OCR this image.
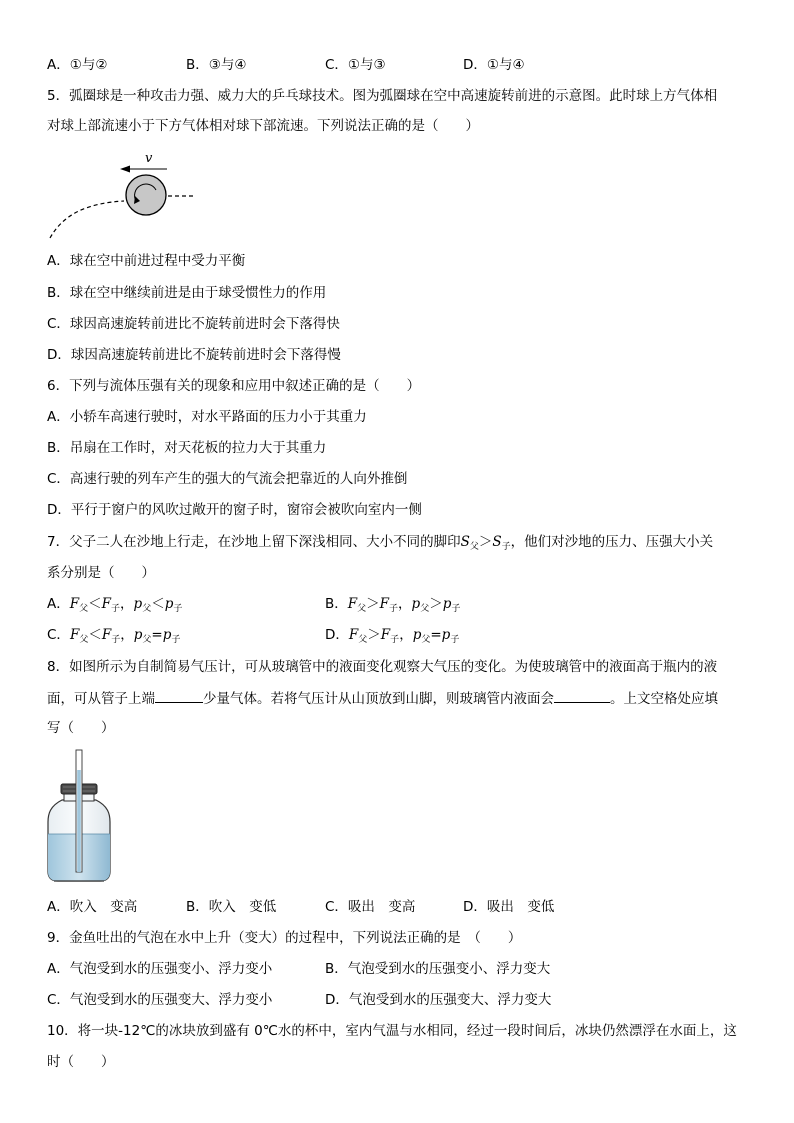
A．①与②	B．③与④	C．①与③	D．①与④
5．弧圈球是一种攻击力强、威力大的乒乓球技术。图为弧圈球在空中高速旋转前进的示意图。此时球上方气体相
对球上部流速小于下方气体相对球下部流速。下列说法正确的是（　　）
v
A．球在空中前进过程中受力平衡
B．球在空中继续前进是由于球受惯性力的作用
C．球因高速旋转前进比不旋转前进时会下落得快
D．球因高速旋转前进比不旋转前进时会下落得慢
6．下列与流体压强有关的现象和应用中叙述正确的是（　　）
A．小轿车高速行驶时，对水平路面的压力小于其重力
B．吊扇在工作时，对天花板的拉力大于其重力
C．高速行驶的列车产生的强大的气流会把靠近的人向外推倒
D．平行于窗户的风吹过敞开的窗子时，窗帘会被吹向室内一侧
7．父子二人在沙地上行走，在沙地上留下深浅相同、大小不同的脚印$S_父>S_子$，他们对沙地的压力、压强大小关
系分别是（　　）
A．$F_父<F_子$，$p_父<p_子$	B．$F_父>F_子$，$p_父>p_子$
C．$F_父<F_子$，$p_父=p_子$	D．$F_父>F_子$，$p_父=p_子$
8．如图所示为自制简易气压计，可从玻璃管中的液面变化观察大气压的变化。为使玻璃管中的液面高于瓶内的液
面，可从管子上端	少量气体。若将气压计从山顶放到山脚，则玻璃管内液面会	。上文空格处应填
写（　　）
A．吹入　变高	B．吹入　变低	C．吸出　变高	D．吸出　变低
9．金鱼吐出的气泡在水中上升（变大）的过程中，下列说法正确的是　（　　）
A．气泡受到水的压强变小、浮力变小	B．气泡受到水的压强变小、浮力变大
C．气泡受到水的压强变大、浮力变小	D．气泡受到水的压强变大、浮力变大
10．将一块-12℃的冰块放到盛有 0℃水的杯中，室内气温与水相同，经过一段时间后，冰块仍然漂浮在水面上，这
时（　　）
